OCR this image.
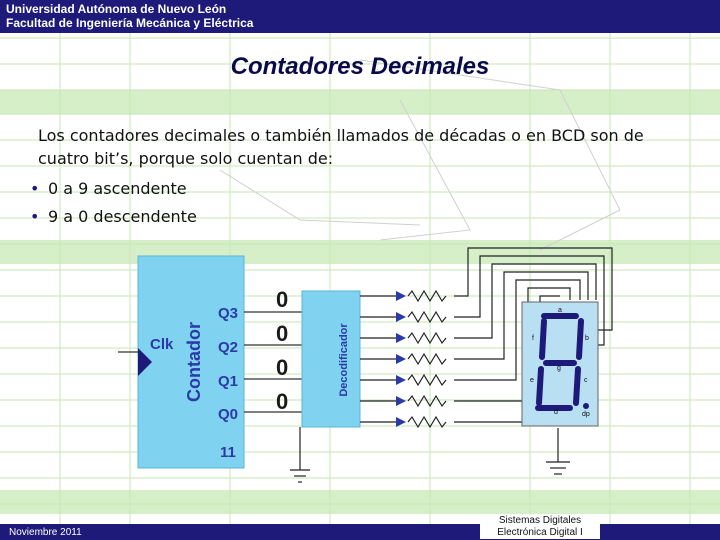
Universidad Autónoma de Nuevo León
Facultad de Ingeniería Mecánica y Eléctrica
Contadores Decimales
Los contadores decimales o también llamados de décadas o en BCD son de cuatro bit’s, porque solo cuentan de:
• 0 a 9 ascendente
• 9 a 0 descendente
Clk Contador
Q3
Q2
Q1
Q0
11
0
0
0
0
Decodificador
a
b
c
d
e
f
g
dp
Noviembre 2011
Sistemas Digitales
Electrónica Digital I
